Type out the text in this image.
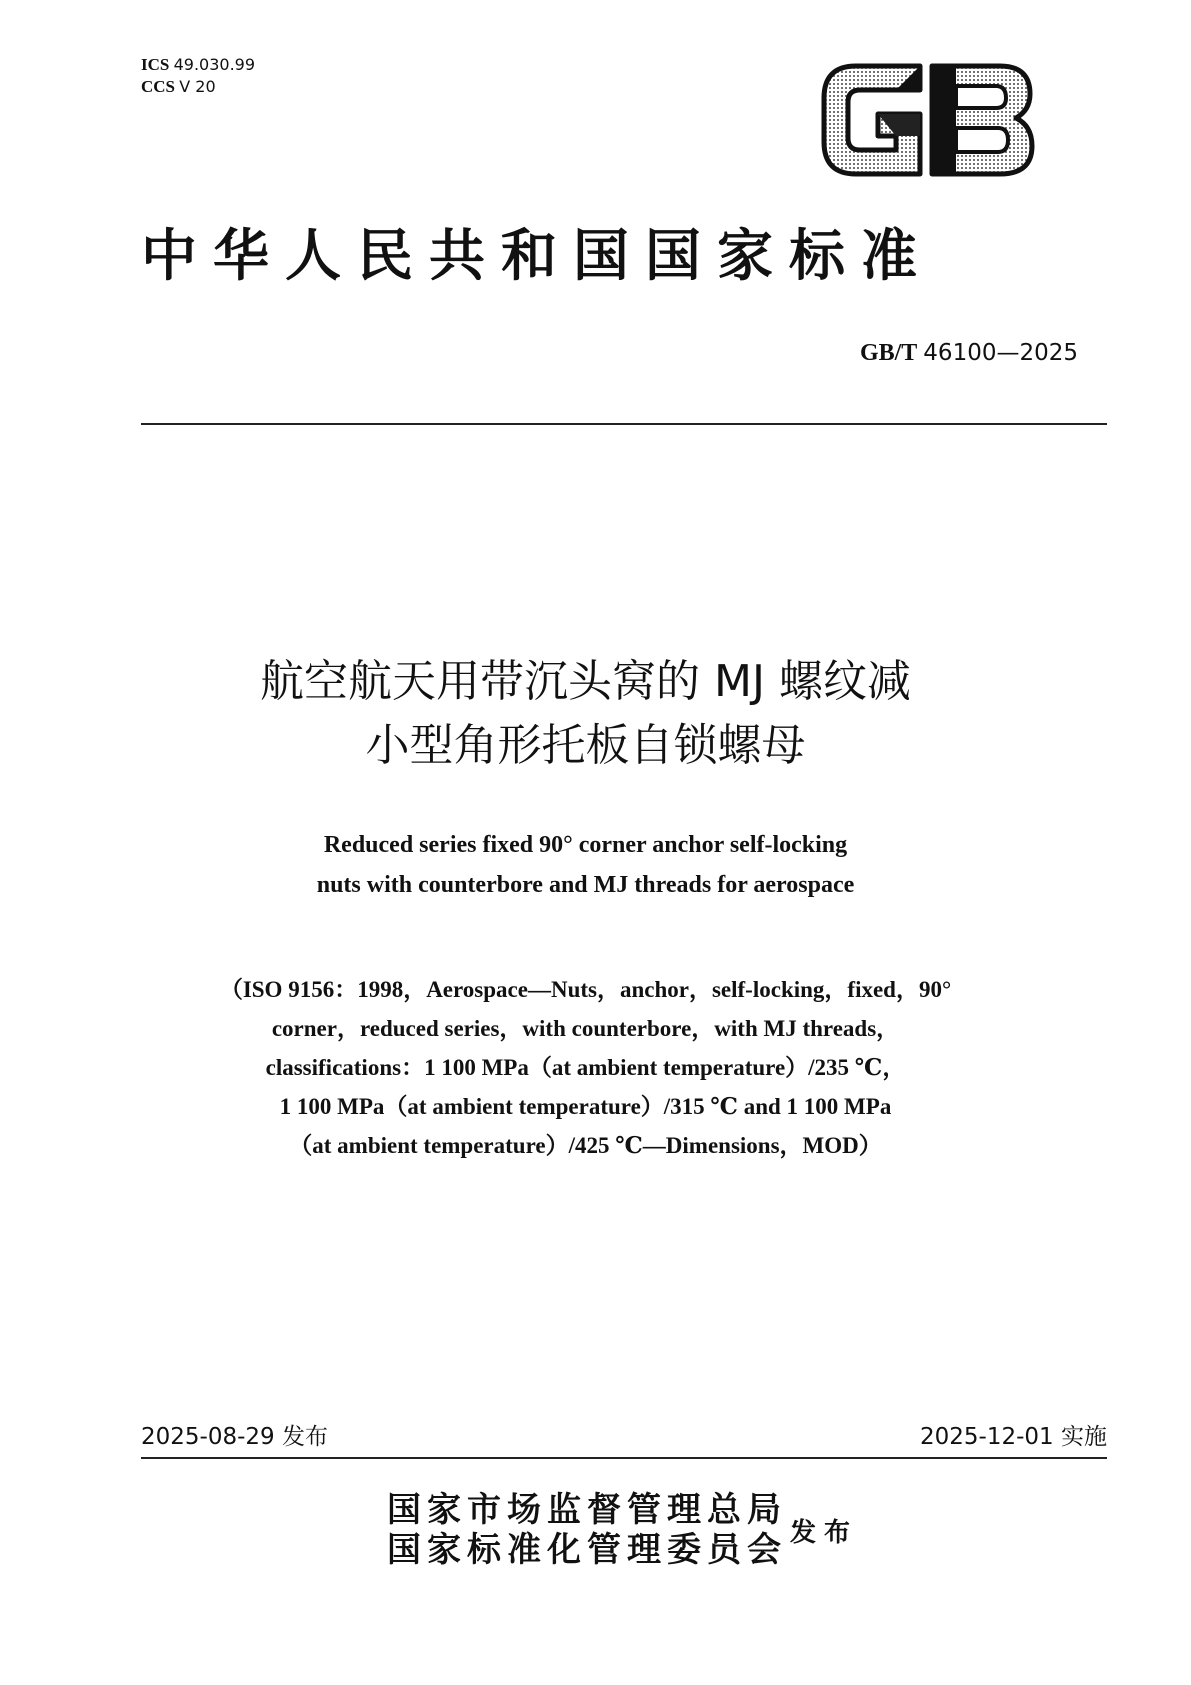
ICS 49.030.99
CCS V 20
中华人民共和国国家标准
GB/T 46100—2025
航空航天用带沉头窝的 MJ 螺纹减
小型角形托板自锁螺母
Reduced series fixed 90° corner anchor self-locking
nuts with counterbore and MJ threads for aerospace
（ISO 9156：1998，Aerospace—Nuts，anchor，self-locking，fixed，90°
corner，reduced series，with counterbore，with MJ threads，
classifications：1 100 MPa（at ambient temperature）/235 ℃，
1 100 MPa（at ambient temperature）/315 ℃ and 1 100 MPa
（at ambient temperature）/425 ℃—Dimensions，MOD）
2025-08-29 发布	2025-12-01 实施
国家市场监督管理总局
国家标准化管理委员会 发布
